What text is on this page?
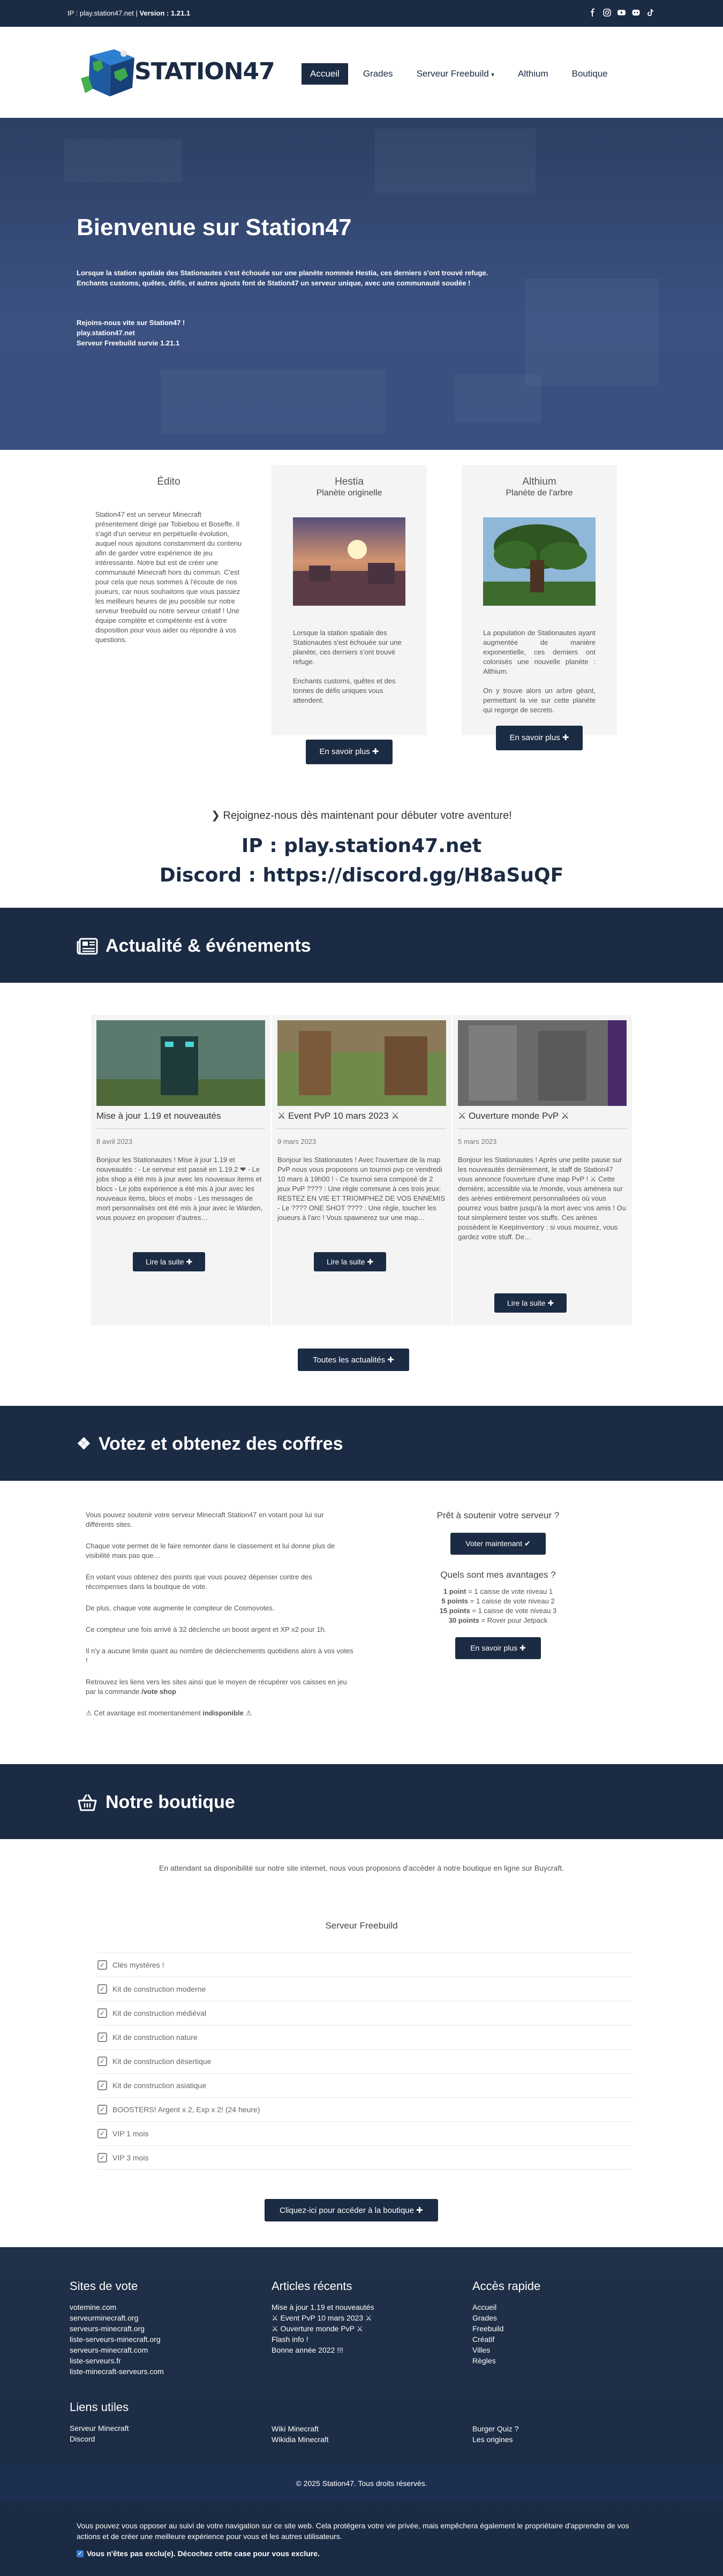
IP : play.station47.net | Version : 1.21.1
STATION47	Accueil	Grades	Serveur Freebuild ▾	Althium	Boutique
Bienvenue sur Station47
Lorsque la station spatiale des Stationautes s'est échouée sur une planète nommée Hestia, ces derniers s'ont trouvé refuge.
Enchants customs, quêtes, défis, et autres ajouts font de Station47 un serveur unique, avec une communauté soudée !
Rejoins-nous vite sur Station47 !
play.station47.net
Serveur Freebuild survie 1.21.1
Édito

Station47 est un serveur Minecraft présentement dirigé par Tobiebou et Boseffe. Il s'agit d'un serveur en perpétuelle évolution, auquel nous ajoutons constamment du contenu afin de garder votre expérience de jeu intéressante. Notre but est de créer une communauté Minecraft hors du commun. C'est pour cela que nous sommes à l'écoute de nos joueurs, car nous souhaitons que vous passiez les meilleurs heures de jeu possible sur notre serveur freebuild ou notre serveur créatif ! Une équipe complète et compétente est à votre disposition pour vous aider ou répondre à vos questions.

Hestia
Planète originelle

Lorsque la station spatiale des Stationautes s'est échouée sur une planète, ces derniers s'ont trouvé refuge.

Enchants customs, quêtes et des tonnes de défis uniques vous attendent.

En savoir plus ✚
Althium
Planète de l'arbre

La population de Stationautes ayant augmentée de manière exponentielle, ces derniers ont colonisés une nouvelle planète : Althium.

On y trouve alors un arbre géant, permettant la vie sur cette planète qui regorge de secrets.

En savoir plus ✚
❯ Rejoignez-nous dès maintenant pour débuter votre aventure!
IP : play.station47.net
Discord : https://discord.gg/H8aSuQF
Actualité & événements
Mise à jour 1.19 et nouveautés
8 avril 2023

Bonjour les Stationautes ! Mise à jour 1.19 et nouveautés : - Le serveur est passé en 1.19.2 ❤ - Le jobs shop a été mis à jour avec les nouveaux items et blocs - Le jobs expérience a été mis à jour avec les nouveaux items, blocs et mobs - Les messages de mort personnalisés ont été mis à jour avec le Warden, vous pouvez en proposer d'autres…

Lire la suite ✚
⚔ Event PvP 10 mars 2023 ⚔
9 mars 2023

Bonjour les Stationautes ! Avec l'ouverture de la map PvP nous vous proposons un tournoi pvp ce vendredi 10 mars à 19h00 ! - Ce tournoi sera composé de 2 jeux PvP ???? : Une règle commune à ces trois jeux: RESTEZ EN VIE ET TRIOMPHEZ DE VOS ENNEMIS - Le ???? ONE SHOT ???? : Une règle, toucher les joueurs à l'arc ! Vous spawnerez sur une map…

Lire la suite ✚
⚔ Ouverture monde PvP ⚔
5 mars 2023

Bonjour les Stationautes ! Après une petite pause sur les nouveautés dernièrement, le staff de Station47 vous annonce l'ouverture d'une map PvP ! ⚔ Cette dernière, accessible via le /monde, vous amènera sur des arènes entièrement personnalisées où vous pourrez vous battre jusqu'à la mort avec vos amis ! Ou tout simplement tester vos stuffs. Ces arènes possèdent le KeepInventory : si vous mourrez, vous gardez votre stuff. De…

Lire la suite ✚
Toutes les actualités ✚
❖ Votez et obtenez des coffres

Vous pouvez soutenir votre serveur Minecraft Station47 en votant pour lui sur différents sites.

Chaque vote permet de le faire remonter dans le classement et lui donne plus de visibilité mais pas que…

En votant vous obtenez des points que vous pouvez dépenser contre des récompenses dans la boutique de vote.

De plus, chaque vote augmente le compteur de Cosmovotes.

Ce compteur une fois arrivé à 32 déclenche un boost argent et XP x2 pour 1h.

Il n'y a aucune limite quant au nombre de déclenchements quotidiens alors à vos votes !

Retrouvez les liens vers les sites ainsi que le moyen de récupérer vos caisses en jeu par la commande /vote shop

⚠ Cet avantage est momentanément indisponible ⚠

Prêt à soutenir votre serveur ?
Voter maintenant ✔
Quels sont mes avantages ?
1 point = 1 caisse de vote niveau 1
5 points = 1 caisse de vote niveau 2
15 points = 1 caisse de vote niveau 3
30 points = Rover pour Jetpack
En savoir plus ✚
Notre boutique
En attendant sa disponibilité sur notre site internet, nous vous proposons d'accéder à notre boutique en ligne sur Buycraft.
Serveur Freebuild
✓ Clés mystères !
✓ Kit de construction moderne
✓ Kit de construction médiéval
✓ Kit de construction nature
✓ Kit de construction désertique
✓ Kit de construction asiatique
✓ BOOSTERS! Argent x 2, Exp x 2! (24 heure)
✓ VIP 1 mois
✓ VIP 3 mois
Cliquez-ici pour accéder à la boutique ✚
Sites de vote
votemine.com
serveurminecraft.org
serveurs-minecraft.org
liste-serveurs-minecraft.org
serveurs-minecraft.com
liste-serveurs.fr
liste-minecraft-serveurs.com
Liens utiles
Serveur Minecraft
Discord
Articles récents
Mise à jour 1.19 et nouveautés
⚔ Event PvP 10 mars 2023 ⚔
⚔ Ouverture monde PvP ⚔
Flash info !
Bonne année 2022 !!!
Wiki Minecraft
Wikidia Minecraft
Accès rapide
Accueil
Grades
Freebuild
Créatif
Villes
Règles
Burger Quiz ?
Les origines
© 2025 Station47. Tous droits réservés.
Vous pouvez vous opposer au suivi de votre navigation sur ce site web. Cela protégera votre vie privée, mais empêchera également le propriétaire d'apprendre de vos actions et de créer une meilleure expérience pour vous et les autres utilisateurs.
✓ Vous n'êtes pas exclu(e). Décochez cette case pour vous exclure.
